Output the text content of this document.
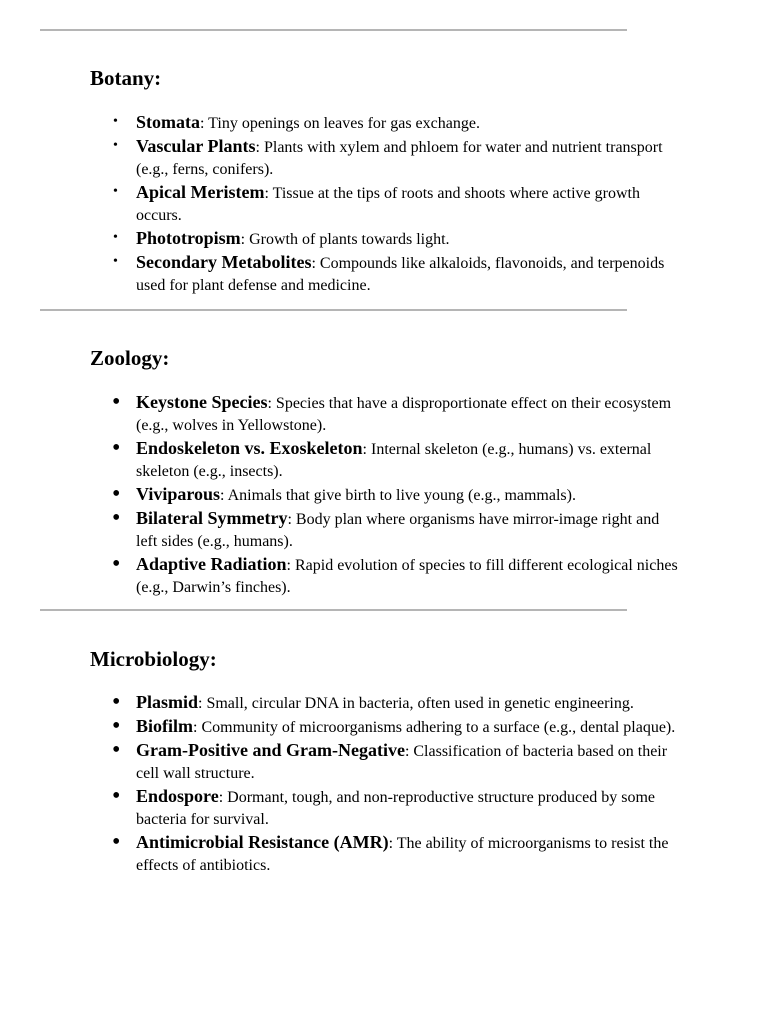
Botany:
• Stomata: Tiny openings on leaves for gas exchange.
• Vascular Plants: Plants with xylem and phloem for water and nutrient transport (e.g., ferns, conifers).
• Apical Meristem: Tissue at the tips of roots and shoots where active growth occurs.
• Phototropism: Growth of plants towards light.
• Secondary Metabolites: Compounds like alkaloids, flavonoids, and terpenoids used for plant defense and medicine.
Zoology:
• Keystone Species: Species that have a disproportionate effect on their ecosystem (e.g., wolves in Yellowstone).
• Endoskeleton vs. Exoskeleton: Internal skeleton (e.g., humans) vs. external skeleton (e.g., insects).
• Viviparous: Animals that give birth to live young (e.g., mammals).
• Bilateral Symmetry: Body plan where organisms have mirror-image right and left sides (e.g., humans).
• Adaptive Radiation: Rapid evolution of species to fill different ecological niches (e.g., Darwin’s finches).
Microbiology:
• Plasmid: Small, circular DNA in bacteria, often used in genetic engineering.
• Biofilm: Community of microorganisms adhering to a surface (e.g., dental plaque).
• Gram-Positive and Gram-Negative: Classification of bacteria based on their cell wall structure.
• Endospore: Dormant, tough, and non-reproductive structure produced by some bacteria for survival.
• Antimicrobial Resistance (AMR): The ability of microorganisms to resist the effects of antibiotics.
